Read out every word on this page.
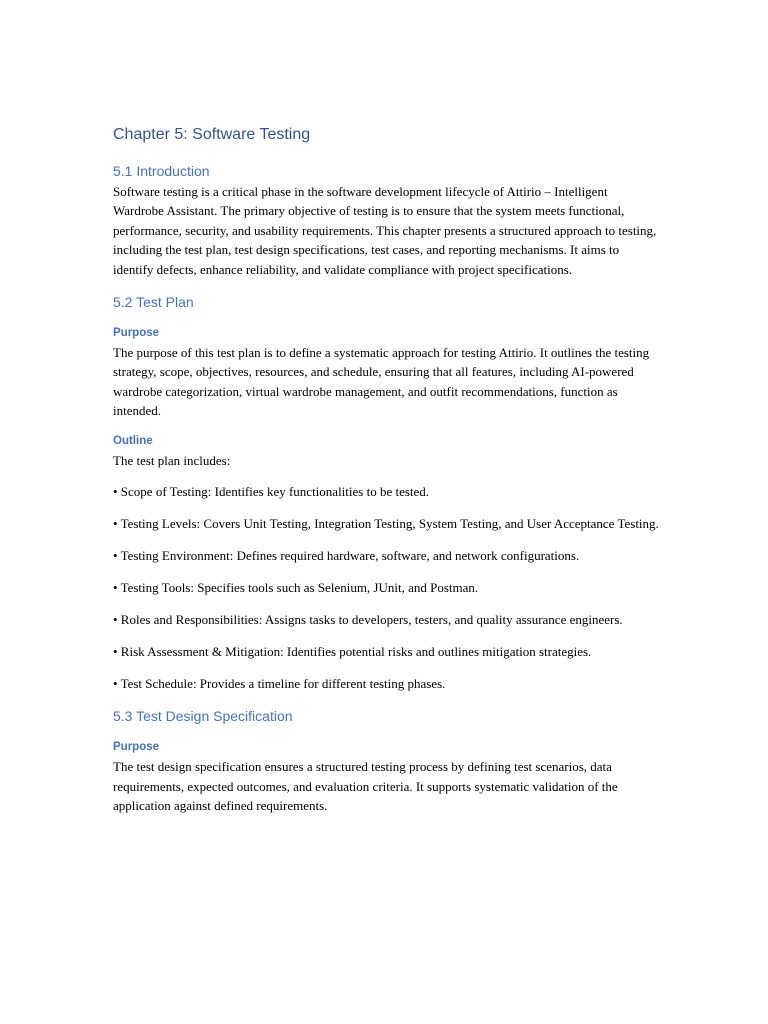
Chapter 5: Software Testing
5.1 Introduction

Software testing is a critical phase in the software development lifecycle of Attirio – Intelligent Wardrobe Assistant. The primary objective of testing is to ensure that the system meets functional, performance, security, and usability requirements. This chapter presents a structured approach to testing, including the test plan, test design specifications, test cases, and reporting mechanisms. It aims to identify defects, enhance reliability, and validate compliance with project specifications.

5.2 Test Plan
Purpose

The purpose of this test plan is to define a systematic approach for testing Attirio. It outlines the testing strategy, scope, objectives, resources, and schedule, ensuring that all features, including AI-powered wardrobe categorization, virtual wardrobe management, and outfit recommendations, function as intended.

Outline

The test plan includes:

• Scope of Testing: Identifies key functionalities to be tested.

• Testing Levels: Covers Unit Testing, Integration Testing, System Testing, and User Acceptance Testing.

• Testing Environment: Defines required hardware, software, and network configurations.

• Testing Tools: Specifies tools such as Selenium, JUnit, and Postman.

• Roles and Responsibilities: Assigns tasks to developers, testers, and quality assurance engineers.

• Risk Assessment & Mitigation: Identifies potential risks and outlines mitigation strategies.

• Test Schedule: Provides a timeline for different testing phases.

5.3 Test Design Specification
Purpose

The test design specification ensures a structured testing process by defining test scenarios, data requirements, expected outcomes, and evaluation criteria. It supports systematic validation of the application against defined requirements.
